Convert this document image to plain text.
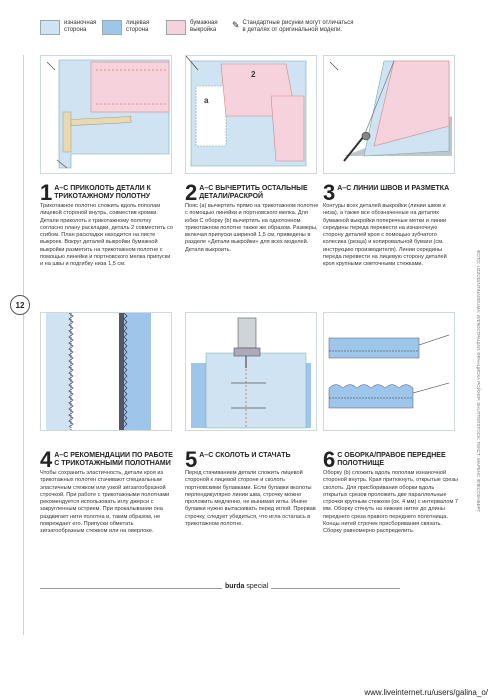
изнаночная
сторона
лицевая
сторона
бумажная
выкройка ✎ Стандартные рисунки могут отличаться
в деталях от оригинальной модели.
12
а
2
1 А–С ПРИКОЛОТЬ ДЕТАЛИ К ТРИКОТАЖНОМУ ПОЛОТНУ
Трикотажное полотно сложить вдоль пополам лицевой стороной внутрь, совместив кромки. Детали приколоть к трикотажному полотну согласно плану раскладки, деталь 2 совместить со сгибом. План раскладки находится на листе выкроек. Вокруг деталей выкройки бумажной выкройки разметить на трикотажном полотне с помощью линейки и портновского мелка припуски и на швы и подгибку низа 1,5 см.
2 А–С ВЫЧЕРТИТЬ ОСТАЛЬНЫЕ ДЕТАЛИ/РАСКРОЙ
Пояс (а) вычертить прямо на трикотажном полотне с помощью линейки и портновского мелка. Для юбки С оборку (b) вычертить на однотонном трикотажном полотне также же образом. Размеры, включая припуски шириной 1,5 см, приведены в разделе «Детали выкройки» для всех моделей. Детали выкроить.
3 А–С ЛИНИИ ШВОВ И РАЗМЕТКА
Контуры всех деталей выкройки (линии швов и низа), а также все обозначенные на деталях бумажной выкройки поперечные метки и линии середины переда перевести на изнаночную сторону деталей кроя с помощью зубчатого колесика (резца) и копировальной бумаги (см. инструкцию производителя). Линии середины переда перевести на лицевую сторону деталей кроя крупными сметочными стежками.
4 А–С РЕКОМЕНДАЦИИ ПО РАБОТЕ С ТРИКОТАЖНЫМИ ПОЛОТНАМИ
Чтобы сохранить эластичность, детали кроя из трикотажных полотен стачивают специальным эластичным стежком или узкой зигзагообразной строчкой. При работе с трикотажными полотнами рекомендуется использовать иглу джерси с закругленным острием. При прокалывании она раздвигает нити полотна и, таким образом, не повреждает его. Припуски обметать зигзагообразным стежком или на оверлоке.
5 А–С СКОЛОТЬ И СТАЧАТЬ
Перед стачиванием детали сложить лицевой стороной к лицевой стороне и сколоть портновскими булавками. Если булавки вколоты перпендикулярно линии шва, строчку можно проложить медленно, не вынимая иглы. Иначе булавки нужно вытаскивать перед иглой. Прервав строчку, следует убедиться, что игла осталась в трикотажном полотне.
6 С ОБОРКА/ПРАВОЕ ПЕРЕДНЕЕ ПОЛОТНИЩЕ
Оборку (b) сложить вдоль пополам изнаночной стороной внутрь. Края притюкнуть, открытые срезы сколоть. Для присборивания оборки вдоль открытых срезов проложить две параллельные строчки крупным стежком (ок. 4 мм) с интервалом 7 мм. Оборку стянуть на нижних нитях до длины переднего среза правого переднего полотнища. Концы нитей строчек присборивания связать. Сборку равномерно распределить.
ФОТО: UZZOGINTINADEUMA; ИЛЛЮСТРАЦИИ: ФРАНЦИСКА РОЙХЕР; SHUTTERSTOCK; ТЕКСТ: МАРЕНС ФЛЕССЕНБЕРГ
burda special
www.liveinternet.ru/users/galina_o/
